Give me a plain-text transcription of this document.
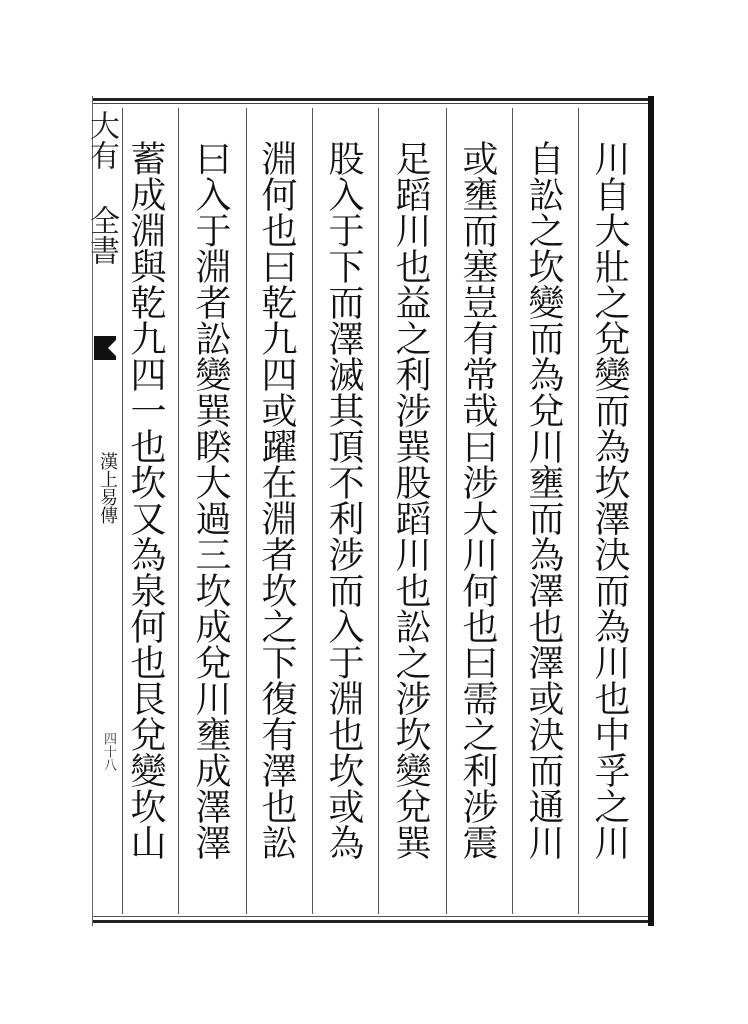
川自大壯之兌變而為坎澤決而為川也中孚之川
自訟之坎變而為兌川壅而為澤也澤或決而通川
或壅而塞豈有常哉曰涉大川何也曰需之利涉震
足蹈川也益之利涉巽股蹈川也訟之涉坎變兌巽
股入于下而澤滅其頂不利涉而入于淵也坎或為
淵何也曰乾九四或躍在淵者坎之下復有澤也訟
曰入于淵者訟變巽睽大過三坎成兌川壅成澤澤
蓄成淵與乾九四一也坎又為泉何也艮兌變坎山
大有 全書
漢上易傳
四十八
